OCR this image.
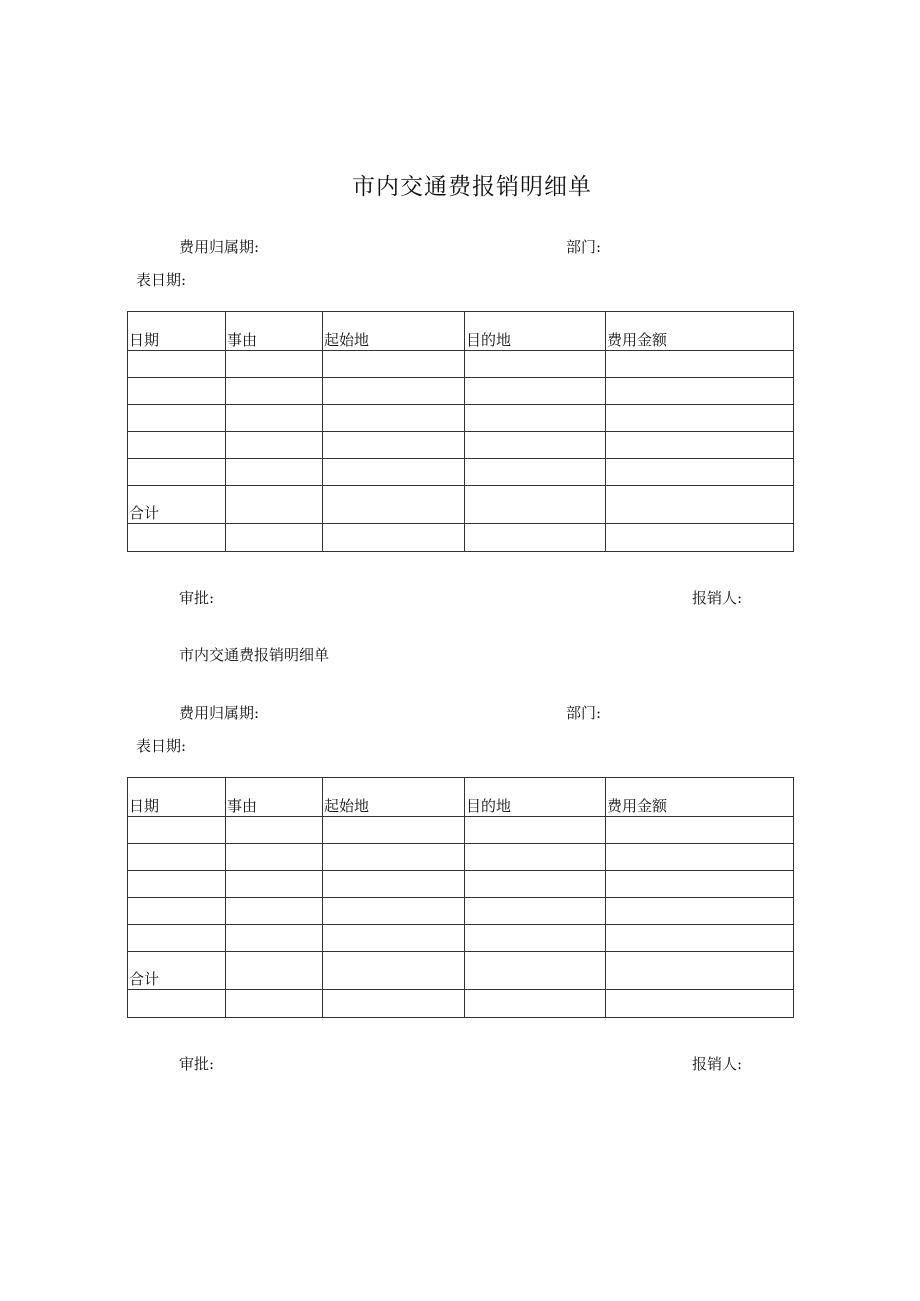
市内交通费报销明细单
费用归属期:	部门:
表日期:
日期	事由	起始地	目的地	费用金额

合计				

审批:	报销人:
市内交通费报销明细单
费用归属期:	部门:
表日期:
日期	事由	起始地	目的地	费用金额

合计				

审批:	报销人:
